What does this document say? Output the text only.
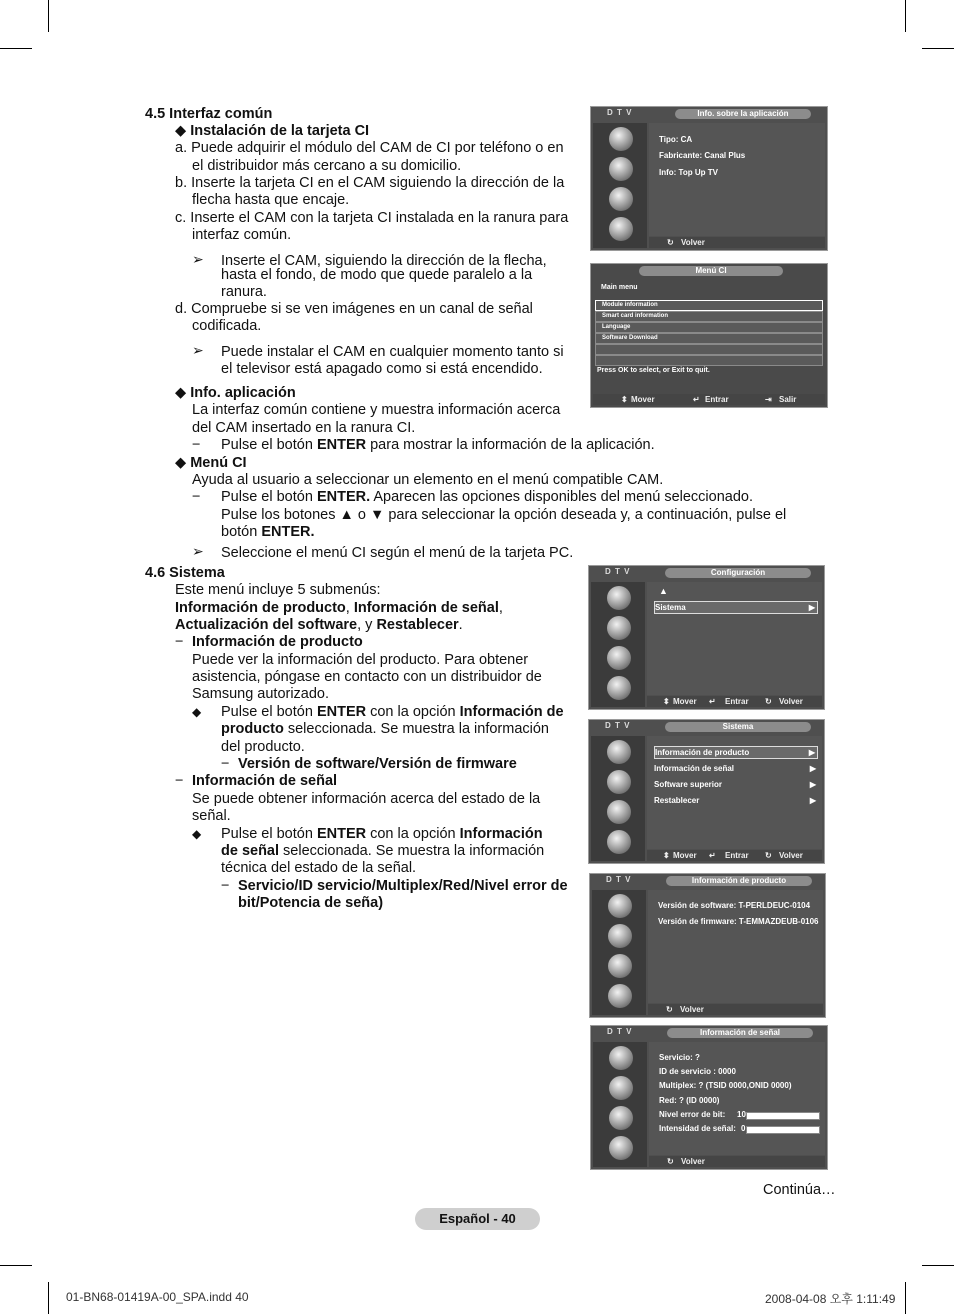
4.5 Interfaz común
◆ Instalación de la tarjeta CI
a. Puede adquirir el módulo del CAM de CI por teléfono o en
el distribuidor más cercano a su domicilio.
b. Inserte la tarjeta CI en el CAM siguiendo la dirección de la
flecha hasta que encaje.
c. Inserte el CAM con la tarjeta CI instalada en la ranura para
interfaz común.
➢ Inserte el CAM, siguiendo la dirección de la flecha,
hasta el fondo, de modo que quede paralelo a la
ranura.
d. Compruebe si se ven imágenes en un canal de señal
codificada.
➢ Puede instalar el CAM en cualquier momento tanto si
el televisor está apagado como si está encendido.
◆ Info. aplicación
La interfaz común contiene y muestra información acerca
del CAM insertado en la ranura CI.
− Pulse el botón ENTER para mostrar la información de la aplicación.
◆ Menú CI
Ayuda al usuario a seleccionar un elemento en el menú compatible CAM.
− Pulse el botón ENTER. Aparecen las opciones disponibles del menú seleccionado.
Pulse los botones ▲ o ▼ para seleccionar la opción deseada y, a continuación, pulse el
botón ENTER.
➢ Seleccione el menú CI según el menú de la tarjeta PC.
4.6 Sistema
Este menú incluye 5 submenús:
Información de producto, Información de señal,
Actualización del software, y Restablecer.
− Información de producto
Puede ver la información del producto. Para obtener
asistencia, póngase en contacto con un distribuidor de
Samsung autorizado.
◆ Pulse el botón ENTER con la opción Información de
producto seleccionada. Se muestra la información
del producto.
− Versión de software/Versión de firmware
− Información de señal
Se puede obtener información acerca del estado de la
señal.
◆ Pulse el botón ENTER con la opción Información
de señal seleccionada. Se muestra la información
técnica del estado de la señal.
− Servicio/ID servicio/Multiplex/Red/Nivel error de
bit/Potencia de seña)
D T V	Info. sobre la aplicación
Tipo: CA
Fabricante: Canal Plus
Info: Top Up TV
↻ Volver
Menú CI
Main menu
Module information
Smart card information
Language
Software Download
Press OK to select, or Exit to quit.
⬍ Mover	↵ Entrar	⇥ Salir
D T V	Configuración
▲
Sistema	▶
⬍ Mover ↵ Entrar ↻ Volver
D T V	Sistema
Información de producto	▶
Información de señal	▶
Software superior	▶
Restablecer	▶
⬍ Mover ↵ Entrar ↻ Volver
D T V	Información de producto
Versión de software: T-PERLDEUC-0104
Versión de firmware: T-EMMAZDEUB-0106
↻ Volver
D T V	Información de señal
Servicio: ?
ID de servicio : 0000
Multiplex: ? (TSID 0000,ONID 0000)
Red: ? (ID 0000)
Nivel error de bit: 10
Intensidad de señal: 0
↻ Volver
Continúa…
Español - 40
01-BN68-01419A-00_SPA.indd 40	2008-04-08 오후 1:11:49
